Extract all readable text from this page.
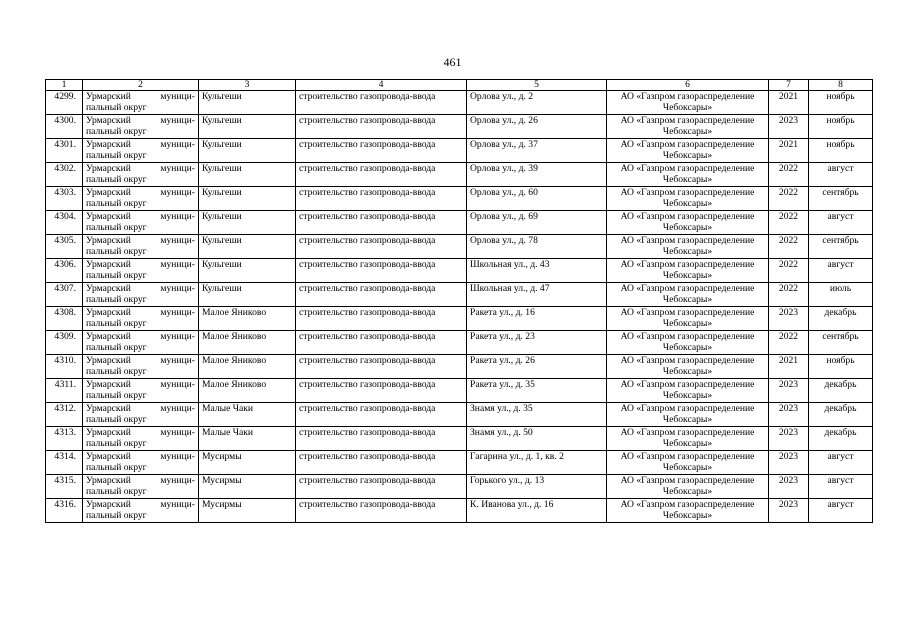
461
1	2	3	4	5	6	7	8
4299.	Урмарский муници-
пальный округ	Кульгеши	строительство газопровода-ввода	Орлова ул., д. 2	АО «Газпром газораспределение
Чебоксары»	2021	ноябрь
4300.	Урмарский муници-
пальный округ	Кульгеши	строительство газопровода-ввода	Орлова ул., д. 26	АО «Газпром газораспределение
Чебоксары»	2023	ноябрь
4301.	Урмарский муници-
пальный округ	Кульгеши	строительство газопровода-ввода	Орлова ул., д. 37	АО «Газпром газораспределение
Чебоксары»	2021	ноябрь
4302.	Урмарский муници-
пальный округ	Кульгеши	строительство газопровода-ввода	Орлова ул., д. 39	АО «Газпром газораспределение
Чебоксары»	2022	август
4303.	Урмарский муници-
пальный округ	Кульгеши	строительство газопровода-ввода	Орлова ул., д. 60	АО «Газпром газораспределение
Чебоксары»	2022	сентябрь
4304.	Урмарский муници-
пальный округ	Кульгеши	строительство газопровода-ввода	Орлова ул., д. 69	АО «Газпром газораспределение
Чебоксары»	2022	август
4305.	Урмарский муници-
пальный округ	Кульгеши	строительство газопровода-ввода	Орлова ул., д. 78	АО «Газпром газораспределение
Чебоксары»	2022	сентябрь
4306.	Урмарский муници-
пальный округ	Кульгеши	строительство газопровода-ввода	Школьная ул., д. 43	АО «Газпром газораспределение
Чебоксары»	2022	август
4307.	Урмарский муници-
пальный округ	Кульгеши	строительство газопровода-ввода	Школьная ул., д. 47	АО «Газпром газораспределение
Чебоксары»	2022	июль
4308.	Урмарский муници-
пальный округ	Малое Яниково	строительство газопровода-ввода	Ракета ул., д. 16	АО «Газпром газораспределение
Чебоксары»	2023	декабрь
4309.	Урмарский муници-
пальный округ	Малое Яниково	строительство газопровода-ввода	Ракета ул., д. 23	АО «Газпром газораспределение
Чебоксары»	2022	сентябрь
4310.	Урмарский муници-
пальный округ	Малое Яниково	строительство газопровода-ввода	Ракета ул., д. 26	АО «Газпром газораспределение
Чебоксары»	2021	ноябрь
4311.	Урмарский муници-
пальный округ	Малое Яниково	строительство газопровода-ввода	Ракета ул., д. 35	АО «Газпром газораспределение
Чебоксары»	2023	декабрь
4312.	Урмарский муници-
пальный округ	Малые Чаки	строительство газопровода-ввода	Знамя ул., д. 35	АО «Газпром газораспределение
Чебоксары»	2023	декабрь
4313.	Урмарский муници-
пальный округ	Малые Чаки	строительство газопровода-ввода	Знамя ул., д. 50	АО «Газпром газораспределение
Чебоксары»	2023	декабрь
4314.	Урмарский муници-
пальный округ	Мусирмы	строительство газопровода-ввода	Гагарина ул., д. 1, кв. 2	АО «Газпром газораспределение
Чебоксары»	2023	август
4315.	Урмарский муници-
пальный округ	Мусирмы	строительство газопровода-ввода	Горького ул., д. 13	АО «Газпром газораспределение
Чебоксары»	2023	август
4316.	Урмарский муници-
пальный округ	Мусирмы	строительство газопровода-ввода	К. Иванова ул., д. 16	АО «Газпром газораспределение
Чебоксары»	2023	август
